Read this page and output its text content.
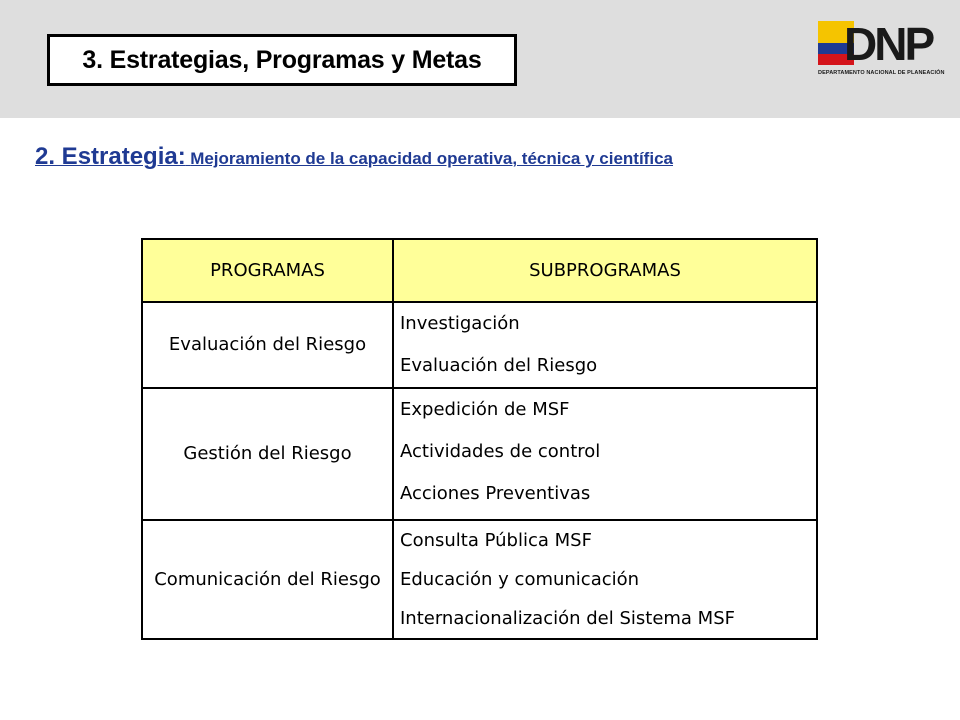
3. Estrategias, Programas y Metas	DNP
DEPARTAMENTO NACIONAL DE PLANEACIÓN
2. Estrategia: Mejoramiento de la capacidad operativa, técnica y científica
PROGRAMAS	SUBPROGRAMAS
Evaluación del Riesgo	Investigación
Evaluación del Riesgo

Gestión del Riesgo	Expedición de MSF
Actividades de control
Acciones Preventivas

Comunicación del Riesgo	Consulta Pública MSF
Educación y comunicación
Internacionalización del Sistema MSF
